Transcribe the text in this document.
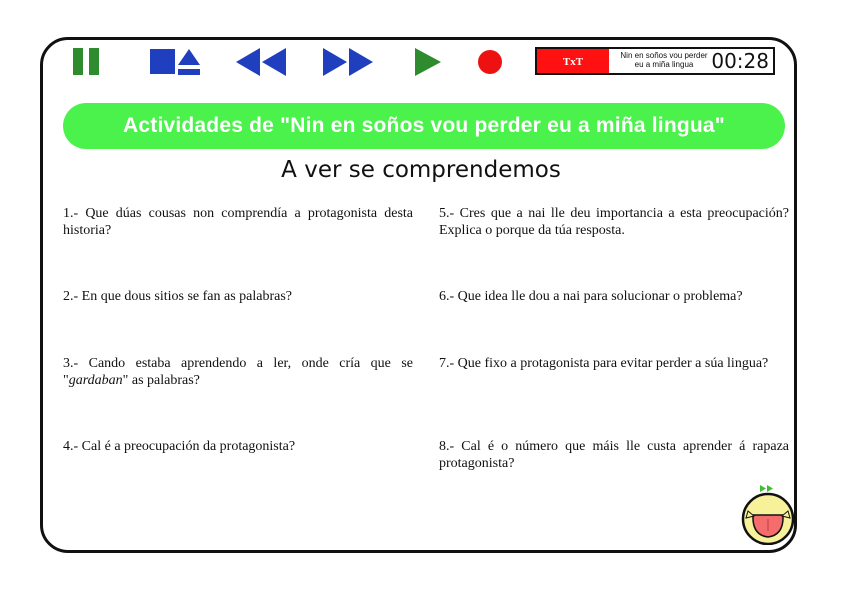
TxT
Nin en soños vou perder
eu a miña lingua 00:28
Actividades de "Nin en soños vou perder eu a miña lingua"
A ver se comprendemos
1.- Que dúas cousas non comprendía a protagonista desta historia?
2.- En que dous sitios se fan as palabras?
3.- Cando estaba aprendendo a ler, onde cría que se "gardaban" as palabras?
4.- Cal é a preocupación da protagonista?
5.- Cres que a nai lle deu importancia a esta preocupación? Explica o porque da túa resposta.
6.- Que idea lle dou a nai para solucionar o problema?
7.- Que fixo a protagonista para evitar perder a súa lingua?
8.- Cal é o número que máis lle custa aprender á rapaza protagonista?
